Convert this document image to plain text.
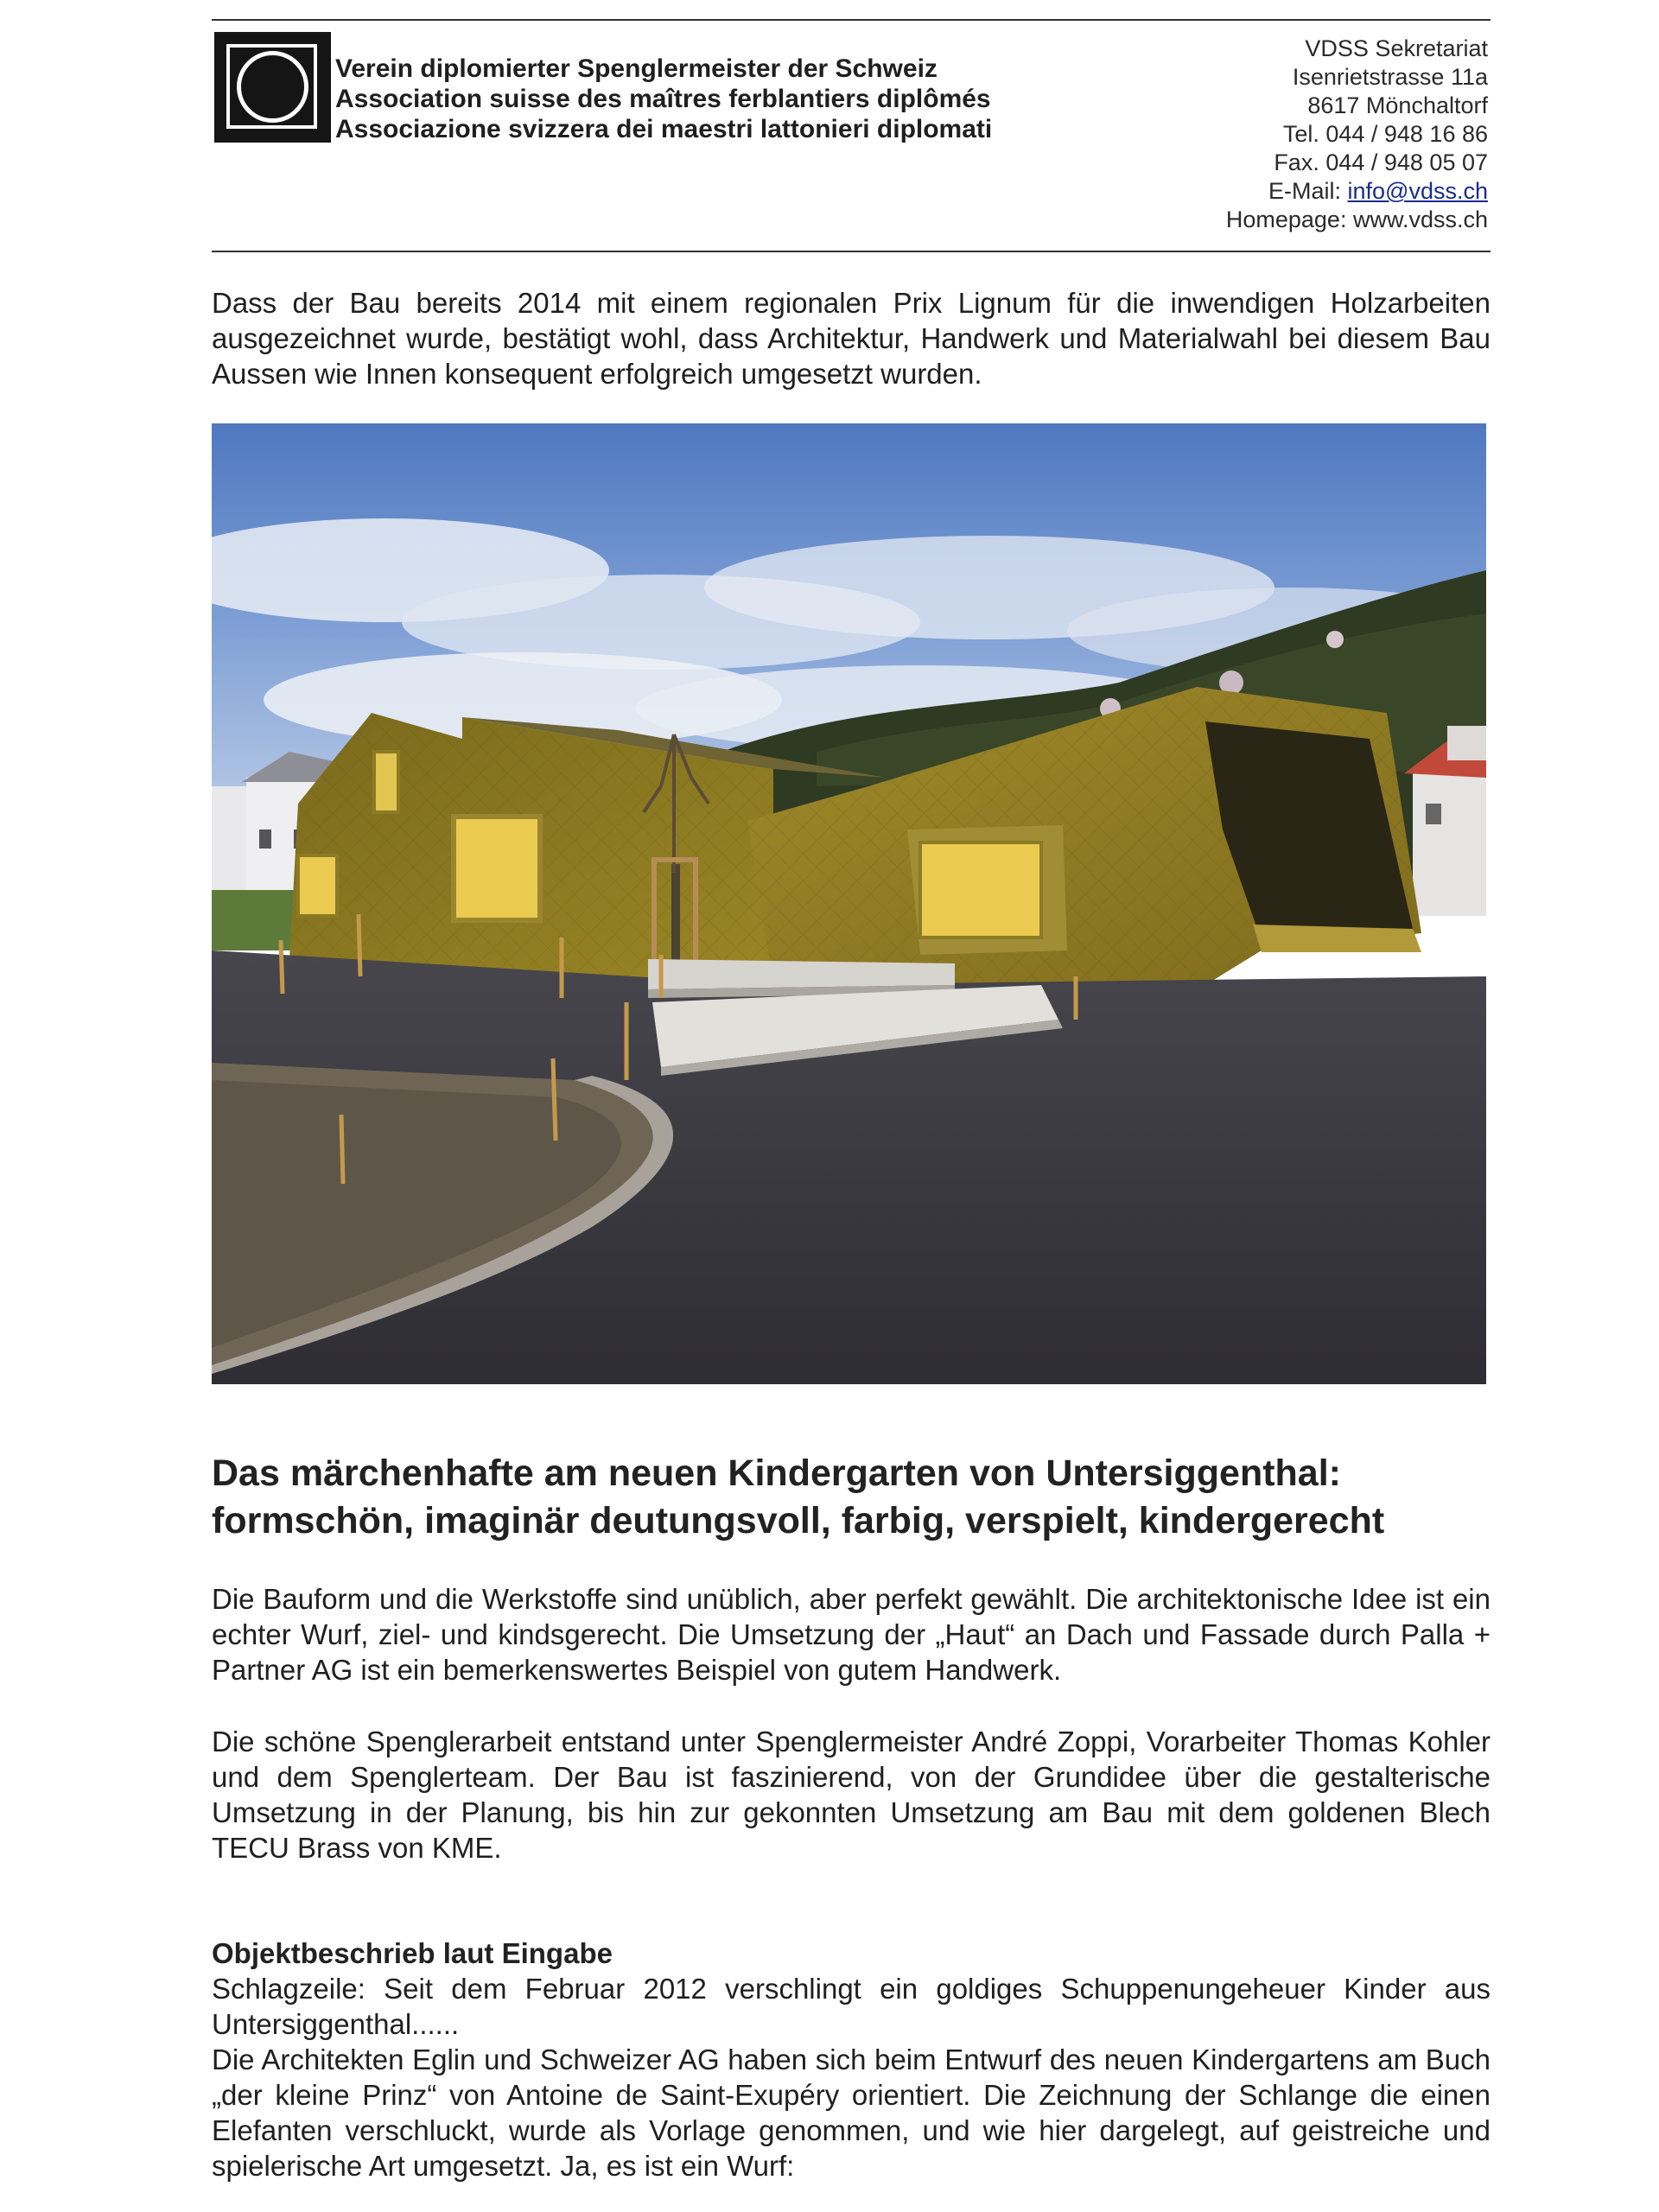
Verein diplomierter Spenglermeister der Schweiz
Association suisse des maîtres ferblantiers diplômés
Associazione svizzera dei maestri lattonieri diplomati
VDSS Sekretariat
Isenrietstrasse 11a
8617 Mönchaltorf
Tel. 044 / 948 16 86
Fax. 044 / 948 05 07
E-Mail: info@vdss.ch
Homepage: www.vdss.ch
Dass der Bau bereits 2014 mit einem regionalen Prix Lignum für die inwendigen Holzarbeiten ausgezeichnet wurde, bestätigt wohl, dass Architektur, Handwerk und Materialwahl bei diesem Bau Aussen wie Innen konsequent erfolgreich umgesetzt wurden.
Das märchenhafte am neuen Kindergarten von Untersiggenthal:
formschön, imaginär deutungsvoll, farbig, verspielt, kindergerecht
Die Bauform und die Werkstoffe sind unüblich, aber perfekt gewählt. Die architektonische Idee ist ein echter Wurf, ziel- und kindsgerecht. Die Umsetzung der „Haut“ an Dach und Fassade durch Palla + Partner AG ist ein bemerkenswertes Beispiel von gutem Handwerk.
Die schöne Spenglerarbeit entstand unter Spenglermeister André Zoppi, Vorarbeiter Thomas Kohler und dem Spenglerteam. Der Bau ist faszinierend, von der Grundidee über die gestalterische Umsetzung in der Planung, bis hin zur gekonnten Umsetzung am Bau mit dem goldenen Blech TECU Brass von KME.
Objektbeschrieb laut Eingabe
Schlagzeile: Seit dem Februar 2012 verschlingt ein goldiges Schuppenungeheuer Kinder aus Untersiggenthal......
Die Architekten Eglin und Schweizer AG haben sich beim Entwurf des neuen Kindergartens am Buch „der kleine Prinz“ von Antoine de Saint-Exupéry orientiert. Die Zeichnung der Schlange die einen Elefanten verschluckt, wurde als Vorlage genommen, und wie hier dargelegt, auf geistreiche und spielerische Art umgesetzt. Ja, es ist ein Wurf:
